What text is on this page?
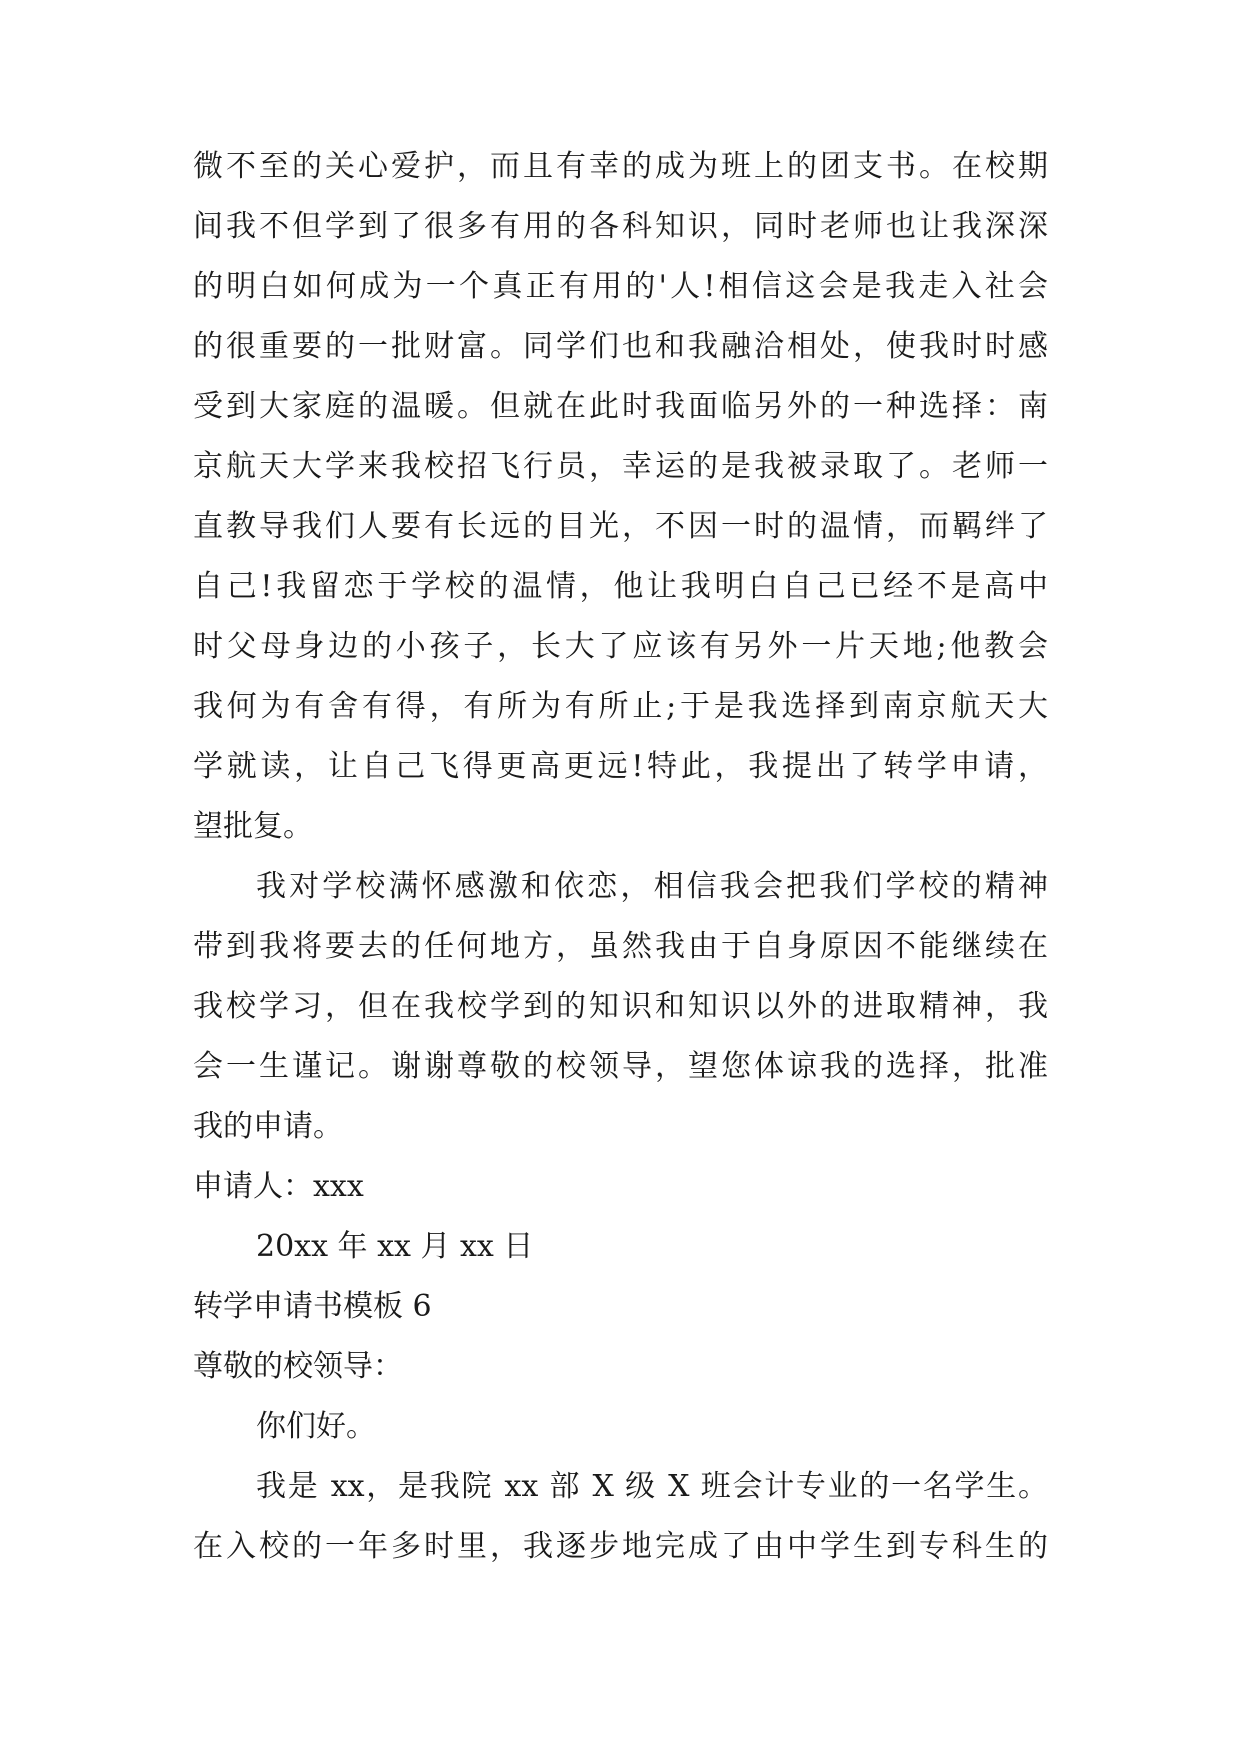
微不至的关心爱护，而且有幸的成为班上的团支书。在校期
间我不但学到了很多有用的各科知识，同时老师也让我深深
的明白如何成为一个真正有用的'人!相信这会是我走入社会
的很重要的一批财富。同学们也和我融洽相处，使我时时感
受到大家庭的温暖。但就在此时我面临另外的一种选择：南
京航天大学来我校招飞行员，幸运的是我被录取了。老师一
直教导我们人要有长远的目光，不因一时的温情，而羁绊了
自己!我留恋于学校的温情，他让我明白自己已经不是高中
时父母身边的小孩子，长大了应该有另外一片天地;他教会
我何为有舍有得，有所为有所止;于是我选择到南京航天大
学就读，让自己飞得更高更远!特此，我提出了转学申请，
望批复。
我对学校满怀感激和依恋，相信我会把我们学校的精神
带到我将要去的任何地方，虽然我由于自身原因不能继续在
我校学习，但在我校学到的知识和知识以外的进取精神，我
会一生谨记。谢谢尊敬的校领导，望您体谅我的选择，批准
我的申请。
申请人：xxx
20xx 年 xx 月 xx 日
转学申请书模板 6
尊敬的校领导：
你们好。
我是 xx，是我院 xx 部 X 级 X 班会计专业的一名学生。
在入校的一年多时里，我逐步地完成了由中学生到专科生的
